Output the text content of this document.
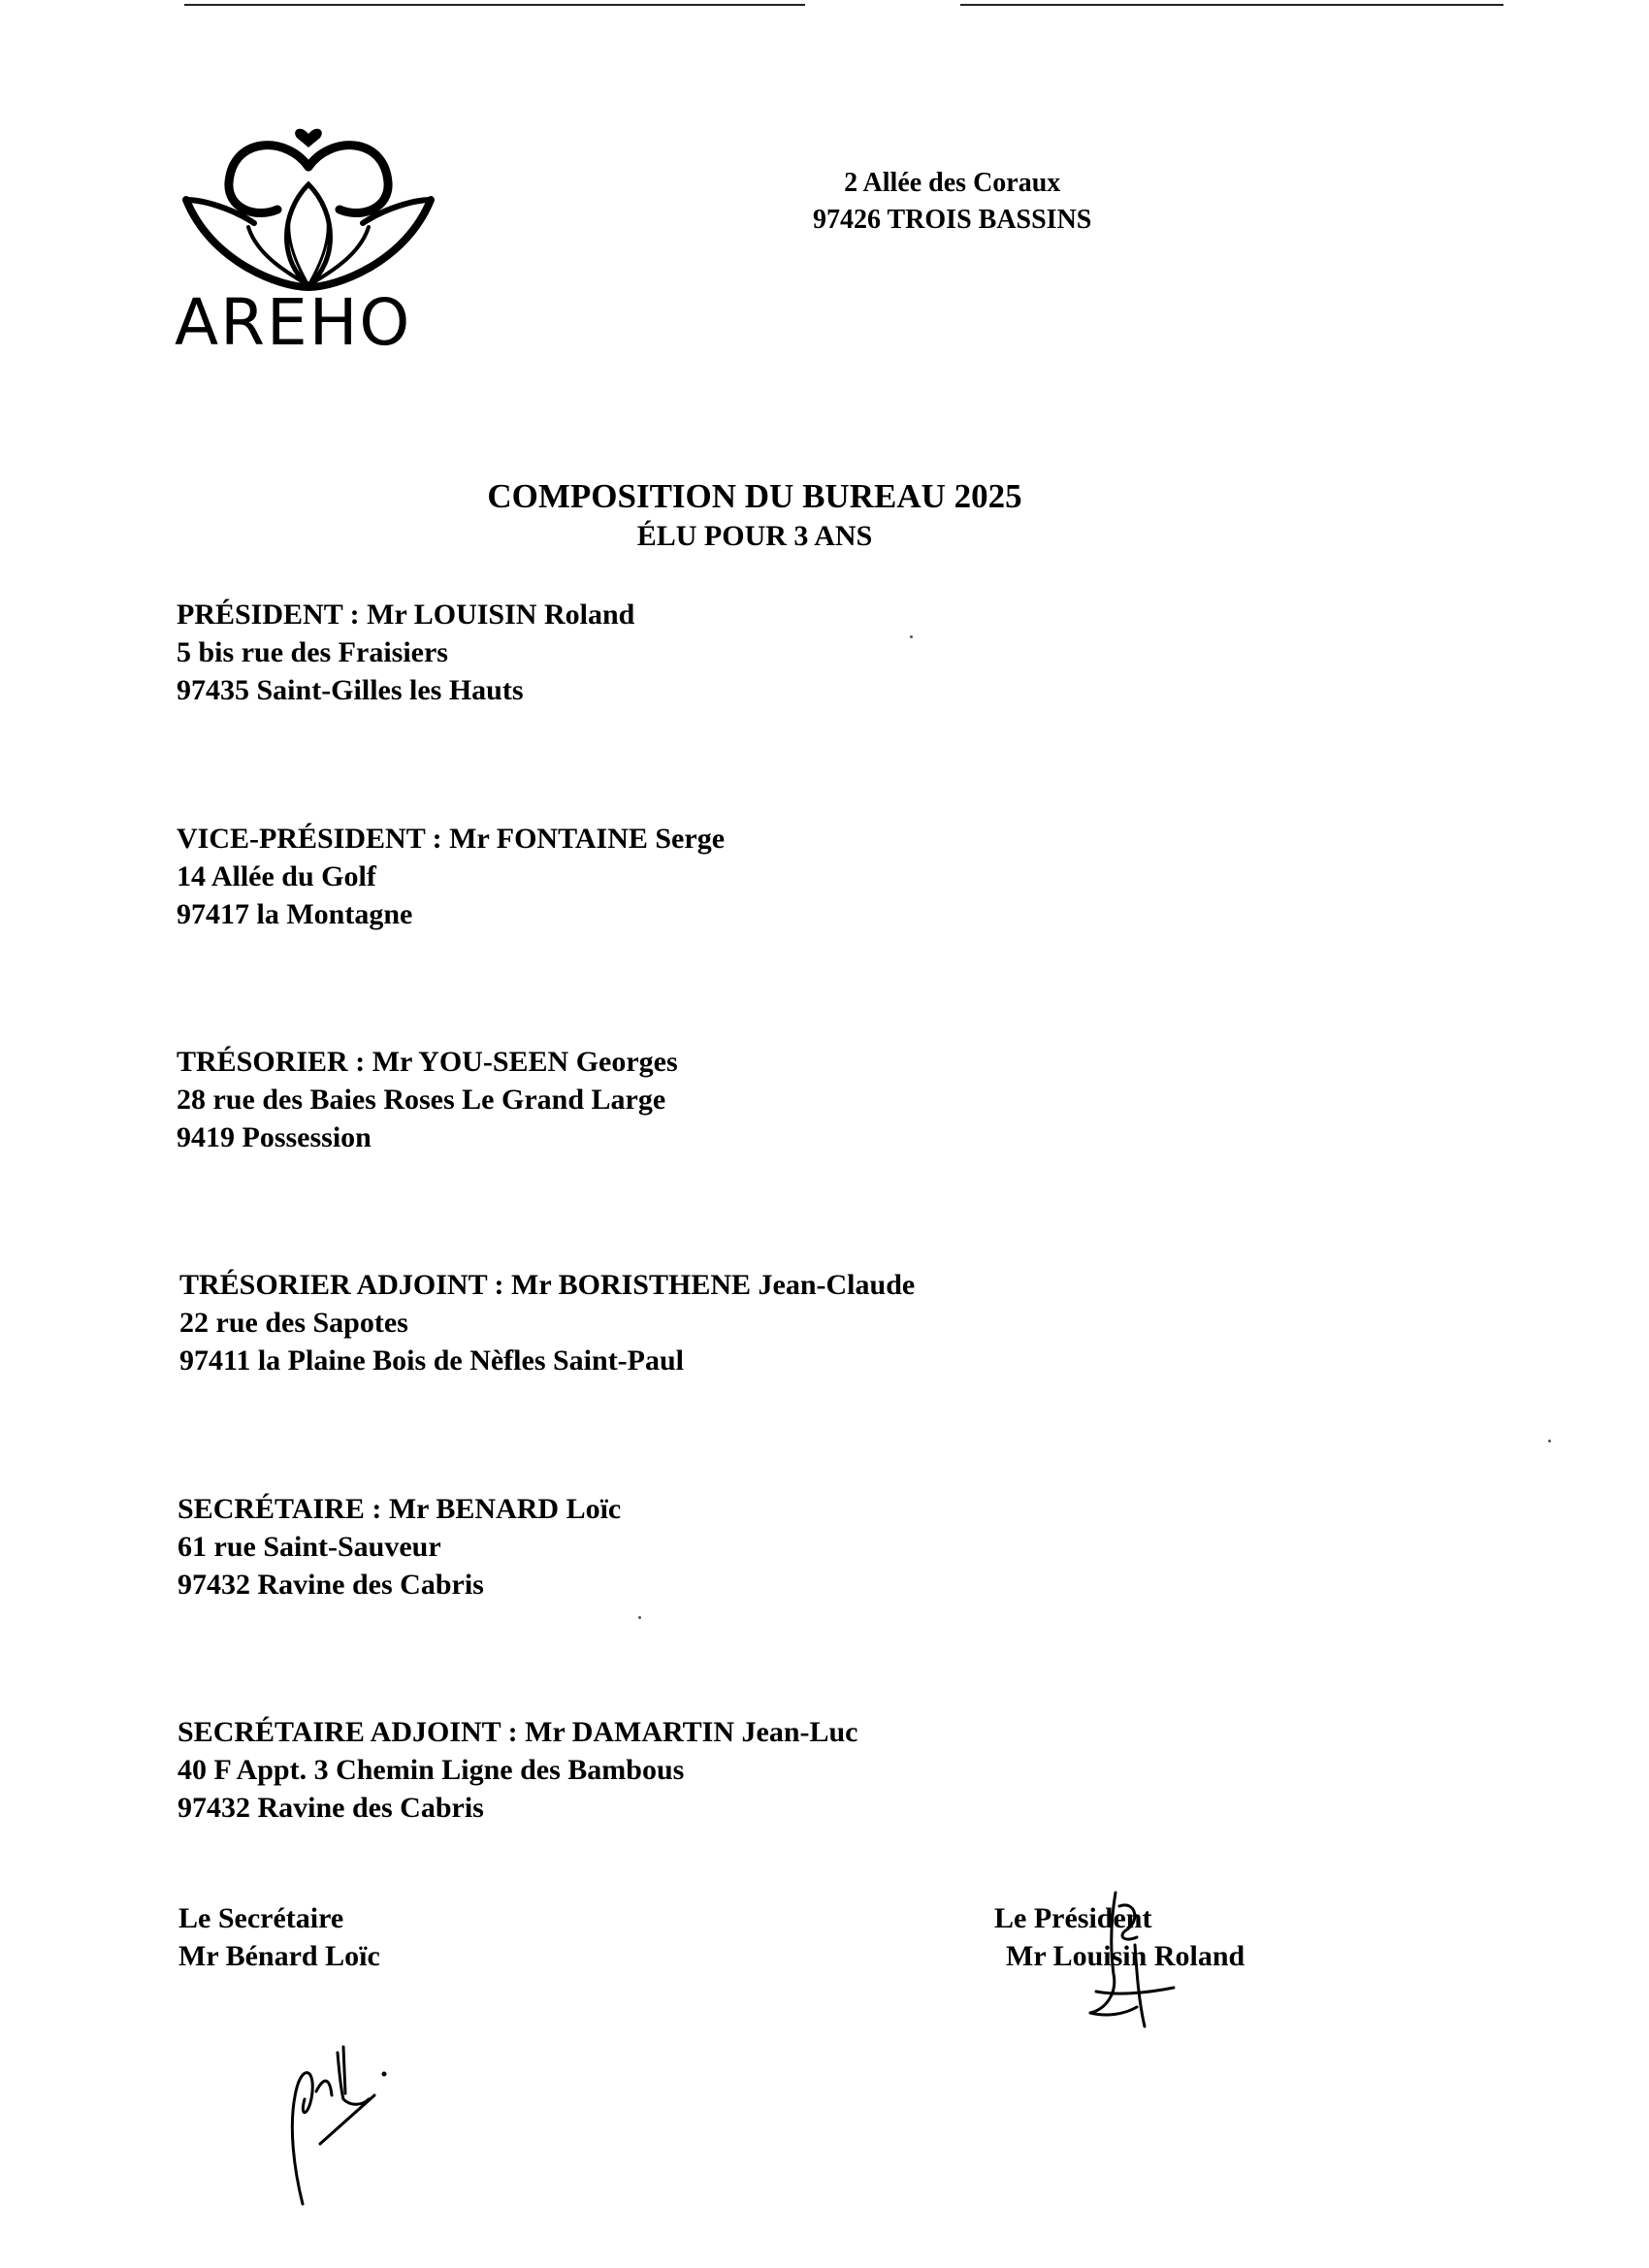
AREHO
2 Allée des Coraux
97426 TROIS BASSINS
COMPOSITION DU BUREAU 2025
ÉLU POUR 3 ANS
PRÉSIDENT : Mr LOUISIN Roland
5 bis rue des Fraisiers
97435 Saint-Gilles les Hauts
VICE-PRÉSIDENT : Mr FONTAINE Serge
14 Allée du Golf
97417 la Montagne
TRÉSORIER : Mr YOU-SEEN Georges
28 rue des Baies Roses Le Grand Large
9419 Possession
TRÉSORIER ADJOINT : Mr BORISTHENE Jean-Claude
22 rue des Sapotes
97411 la Plaine Bois de Nèfles Saint-Paul
SECRÉTAIRE : Mr BENARD Loïc
61 rue Saint-Sauveur
97432 Ravine des Cabris
SECRÉTAIRE ADJOINT : Mr DAMARTIN Jean-Luc
40 F Appt. 3 Chemin Ligne des Bambous
97432 Ravine des Cabris
Le Secrétaire
Mr Bénard Loïc
Le Président
Mr Louisin Roland
